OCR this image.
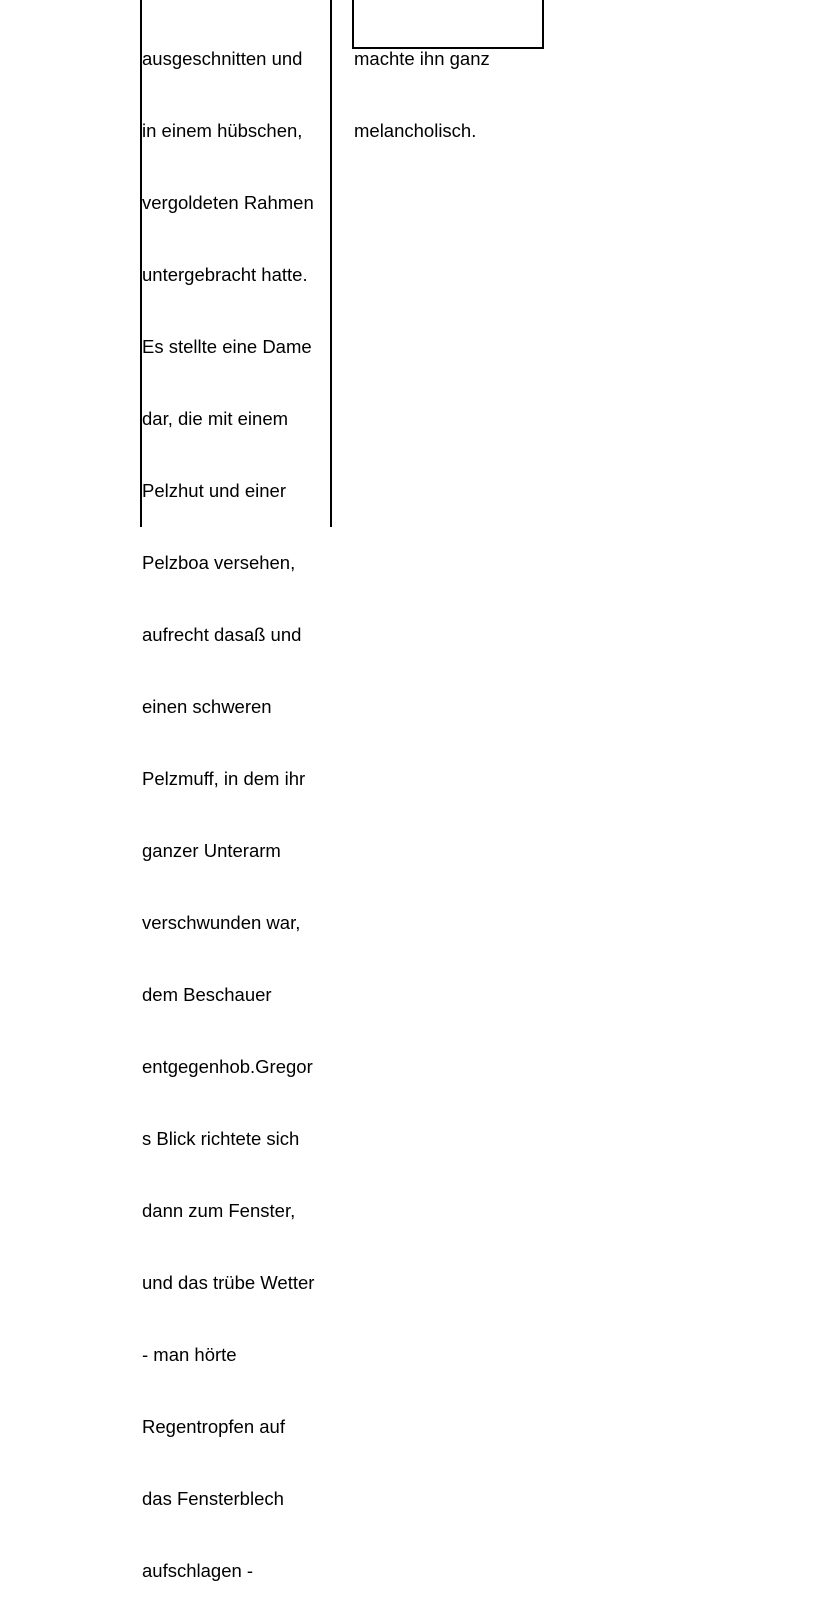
ausgeschnitten und

in einem hübschen,

vergoldeten Rahmen

untergebracht hatte.

Es stellte eine Dame

dar, die mit einem

Pelzhut und einer

Pelzboa versehen,

aufrecht dasaß und

einen schweren

Pelzmuff, in dem ihr

ganzer Unterarm

verschwunden war,

dem Beschauer

entgegenhob.Gregor

s Blick richtete sich

dann zum Fenster,

und das trübe Wetter

- man hörte

Regentropfen auf

das Fensterblech

aufschlagen -

machte ihn ganz

melancholisch.
